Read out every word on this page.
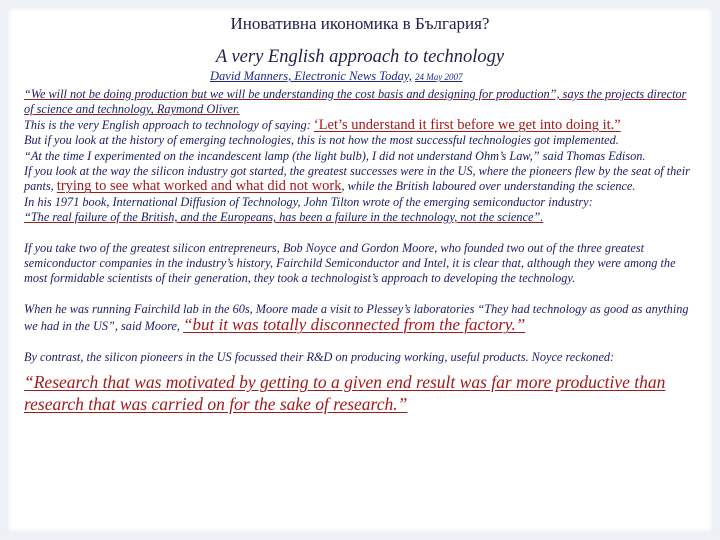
Иновативна икономика в България?
A very English approach to technology
David Manners, Electronic News Today, 24 May 2007

“We will not be doing production but we will be understanding the cost basis and designing for production”, says the projects director of science and technology, Raymond Oliver.

This is the very English approach to technology of saying: ‘Let’s understand it first before we get into doing it.”

But if you look at the history of emerging technologies, this is not how the most successful technologies got implemented.

“At the time I experimented on the incandescent lamp (the light bulb), I did not understand Ohm’s Law,” said Thomas Edison.

If you look at the way the silicon industry got started, the greatest successes were in the US, where the pioneers flew by the seat of their pants, trying to see what worked and what did not work, while the British laboured over understanding the science.

In his 1971 book, International Diffusion of Technology, John Tilton wrote of the emerging semiconductor industry:

“The real failure of the British, and the Europeans, has been a failure in the technology, not the science”.

If you take two of the greatest silicon entrepreneurs, Bob Noyce and Gordon Moore, who founded two out of the three greatest semiconductor companies in the industry’s history, Fairchild Semiconductor and Intel, it is clear that, although they were among the most formidable scientists of their generation, they took a technologist’s approach to developing the technology.

When he was running Fairchild lab in the 60s, Moore made a visit to Plessey’s laboratories “They had technology as good as anything we had in the US”, said Moore, “but it was totally disconnected from the factory.”

By contrast, the silicon pioneers in the US focussed their R&D on producing working, useful products. Noyce reckoned:

“Research that was motivated by getting to a given end result was far more productive than research that was carried on for the sake of research.”
